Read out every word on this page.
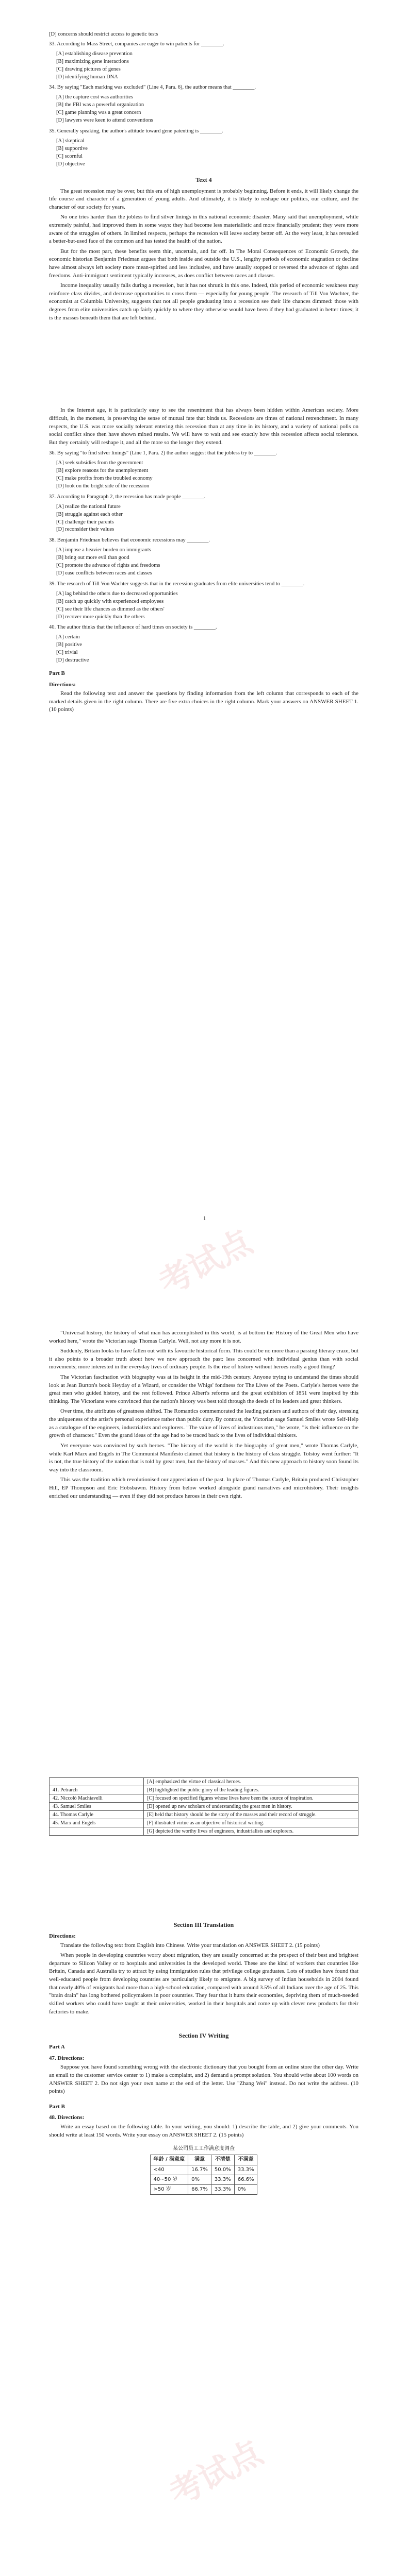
考试点
考试点

[D] concerns should restrict access to genetic tests

33. According to Mass Street, companies are eager to win patients for ________.

[A] establishing disease prevention
[B] maximizing gene interactions
[C] drawing pictures of genes
[D] identifying human DNA

34. By saying "Each marking was excluded" (Line 4, Para. 6), the author means that ________.

[A] the capture cost was authorities
[B] the FBI was a powerful organization
[C] game planning was a great concern
[D] lawyers were keen to attend conventions

35. Generally speaking, the author's attitude toward gene patenting is ________.

[A] skeptical
[B] supportive
[C] scornful
[D] objective
Text 4

The great recession may be over, but this era of high unemployment is probably beginning. Before it ends, it will likely change the life course and character of a generation of young adults. And ultimately, it is likely to reshape our politics, our culture, and the character of our society for years.

No one tries harder than the jobless to find silver linings in this national economic disaster. Many said that unemployment, while extremely painful, had improved them in some ways: they had become less materialistic and more financially prudent; they were more aware of the struggles of others. In limited respects, perhaps the recession will leave society better off. At the very least, it has revealed a better-but-used face of the common and has tested the health of the nation.

But for the most part, these benefits seem thin, uncertain, and far off. In The Moral Consequences of Economic Growth, the economic historian Benjamin Friedman argues that both inside and outside the U.S., lengthy periods of economic stagnation or decline have almost always left society more mean-spirited and less inclusive, and have usually stopped or reversed the advance of rights and freedoms. Anti-immigrant sentiment typically increases, as does conflict between races and classes.

Income inequality usually falls during a recession, but it has not shrunk in this one. Indeed, this period of economic weakness may reinforce class divides, and decrease opportunities to cross them — especially for young people. The research of Till Von Wachter, the economist at Columbia University, suggests that not all people graduating into a recession see their life chances dimmed: those with degrees from elite universities catch up fairly quickly to where they otherwise would have been if they had graduated in better times; it is the masses beneath them that are left behind.

In the Internet age, it is particularly easy to see the resentment that has always been hidden within American society. More difficult, in the moment, is preserving the sense of mutual fate that binds us. Recessions are times of national retrenchment. In many respects, the U.S. was more socially tolerant entering this recession than at any time in its history, and a variety of national polls on social conflict since then have shown mixed results. We will have to wait and see exactly how this recession affects social tolerance. But they certainly will reshape it, and all the more so the longer they extend.

36. By saying "to find silver linings" (Line 1, Para. 2) the author suggest that the jobless try to ________.

[A] seek subsidies from the government
[B] explore reasons for the unemployment
[C] make profits from the troubled economy
[D] look on the bright side of the recession

37. According to Paragraph 2, the recession has made people ________.

[A] realize the national future
[B] struggle against each other
[C] challenge their parents
[D] reconsider their values

38. Benjamin Friedman believes that economic recessions may ________.

[A] impose a heavier burden on immigrants
[B] bring out more evil than good
[C] promote the advance of rights and freedoms
[D] ease conflicts between races and classes

39. The research of Till Von Wachter suggests that in the recession graduates from elite universities tend to ________.

[A] lag behind the others due to decreased opportunities
[B] catch up quickly with experienced employees
[C] see their life chances as dimmed as the others'
[D] recover more quickly than the others

40. The author thinks that the influence of hard times on society is ________.

[A] certain
[B] positive
[C] trivial
[D] destructive
Part B
Directions:

Read the following text and answer the questions by finding information from the left column that corresponds to each of the marked details given in the right column. There are five extra choices in the right column. Mark your answers on ANSWER SHEET 1. (10 points)

1

"Universal history, the history of what man has accomplished in this world, is at bottom the History of the Great Men who have worked here," wrote the Victorian sage Thomas Carlyle. Well, not any more it is not.

Suddenly, Britain looks to have fallen out with its favourite historical form. This could be no more than a passing literary craze, but it also points to a broader truth about how we now approach the past: less concerned with individual genius than with social movements; more interested in the everyday lives of ordinary people. Is the rise of history without heroes really a good thing?

The Victorian fascination with biography was at its height in the mid-19th century. Anyone trying to understand the times should look at Jean Burton's book Heyday of a Wizard, or consider the Whigs' fondness for The Lives of the Poets. Carlyle's heroes were the great men who guided history, and the rest followed. Prince Albert's reforms and the great exhibition of 1851 were inspired by this thinking. The Victorians were convinced that the nation's history was best told through the deeds of its leaders and great thinkers.

Over time, the attributes of greatness shifted. The Romantics commemorated the leading painters and authors of their day, stressing the uniqueness of the artist's personal experience rather than public duty. By contrast, the Victorian sage Samuel Smiles wrote Self-Help as a catalogue of the engineers, industrialists and explorers. "The value of lives of industrious men," he wrote, "is their influence on the growth of character." Even the grand ideas of the age had to be traced back to the lives of individual thinkers.

Yet everyone was convinced by such heroes. "The history of the world is the biography of great men," wrote Thomas Carlyle, while Karl Marx and Engels in The Communist Manifesto claimed that history is the history of class struggle. Tolstoy went further: "It is not, the true history of the nation that is told by great men, but the history of masses." And this new approach to history soon found its way into the classroom.

This was the tradition which revolutionised our appreciation of the past. In place of Thomas Carlyle, Britain produced Christopher Hill, EP Thompson and Eric Hobsbawm. History from below worked alongside grand narratives and microhistory. Their insights enriched our understanding — even if they did not produce heroes in their own right.

	[A] emphasized the virtue of classical heroes.
41. Petrarch	[B] highlighted the public glory of the leading figures.
42. Niccolò Machiavelli	[C] focused on specified figures whose lives have been the source of inspiration.
43. Samuel Smiles	[D] opened up new scholars of understanding the great men in history.
44. Thomas Carlyle	[E] held that history should be the story of the masses and their record of struggle.
45. Marx and Engels	[F] illustrated virtue as an objective of historical writing.
	[G] depicted the worthy lives of engineers, industrialists and explorers.
Section III Translation
Directions:

Translate the following text from English into Chinese. Write your translation on ANSWER SHEET 2. (15 points)

When people in developing countries worry about migration, they are usually concerned at the prospect of their best and brightest departure to Silicon Valley or to hospitals and universities in the developed world. These are the kind of workers that countries like Britain, Canada and Australia try to attract by using immigration rules that privilege college graduates. Lots of studies have found that well-educated people from developing countries are particularly likely to emigrate. A big survey of Indian households in 2004 found that nearly 40% of emigrants had more than a high-school education, compared with around 3.5% of all Indians over the age of 25. This "brain drain" has long bothered policymakers in poor countries. They fear that it hurts their economies, depriving them of much-needed skilled workers who could have taught at their universities, worked in their hospitals and come up with clever new products for their factories to make.

Section IV Writing
Part A
47. Directions:

Suppose you have found something wrong with the electronic dictionary that you bought from an online store the other day. Write an email to the customer service center to 1) make a complaint, and 2) demand a prompt solution. You should write about 100 words on ANSWER SHEET 2. Do not sign your own name at the end of the letter. Use "Zhang Wei" instead. Do not write the address. (10 points)

Part B
48. Directions:

Write an essay based on the following table. In your writing, you should: 1) describe the table, and 2) give your comments. You should write at least 150 words. Write your essay on ANSWER SHEET 2. (15 points)

某公司员工工作满意度调查
年龄 / 满意度	满意	不清楚	不满意
<40	16.7%	50.0%	33.3%
40~50 岁	0%	33.3%	66.6%
>50 岁	66.7%	33.3%	0%
